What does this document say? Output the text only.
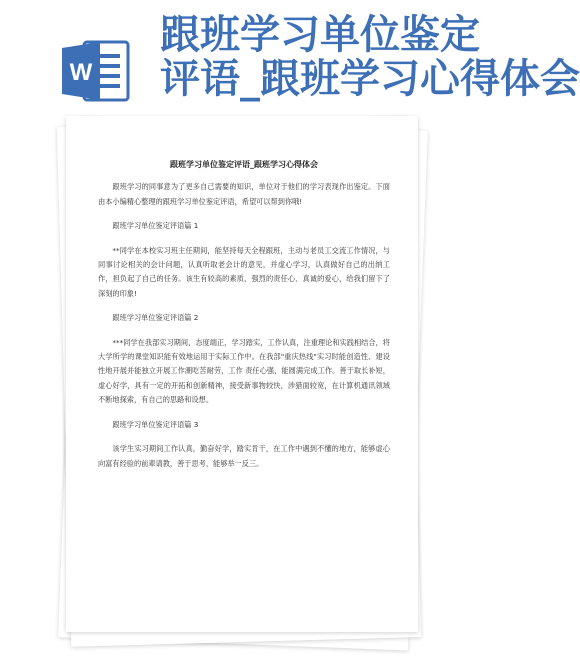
W
跟班学习单位鉴定
评语_跟班学习心得体会
跟班学习单位鉴定评语_跟班学习心得体会

跟班学习的同事意为了更多自己需要的知识，单位对于他们的学习表现作出鉴定。下面由本小编精心整理的跟班学习单位鉴定评语，希望可以帮到你哦!

跟班学习单位鉴定评语篇 1

**同学在本校实习班主任期间，能坚持每天全程跟班，主动与老员工交流工作情况，与同事讨论相关的会计问题，认真听取老会计的意见，并虚心学习，认真做好自己的出纳工作，担负起了自己的任务。该生有较高的素质、强烈的责任心、真诚的爱心，给我们留下了深刻的印象!

跟班学习单位鉴定评语篇 2

***同学在我部实习期间，态度端正，学习踏实，工作认真，注重理论和实践相结合，将大学所学的课堂知识能有效地运用于实际工作中。在我部"重庆热线"实习时能创造性、建设性地开展并能独立开展工作潮吃苦耐劳，工作 责任心强，能圆满完成工作。善于取长补短，虚心好学，具有一定的开拓和创新精神，接受新事物较快，涉猎面较宽，在计算机通讯领域不断地探索，有自己的思路和设想。

跟班学习单位鉴定评语篇 3

该学生实习期间工作认真，勤奋好学，踏实肯干，在工作中遇到不懂的地方，能够虚心向富有经验的前辈请教，善于思考，能够举一反三。
